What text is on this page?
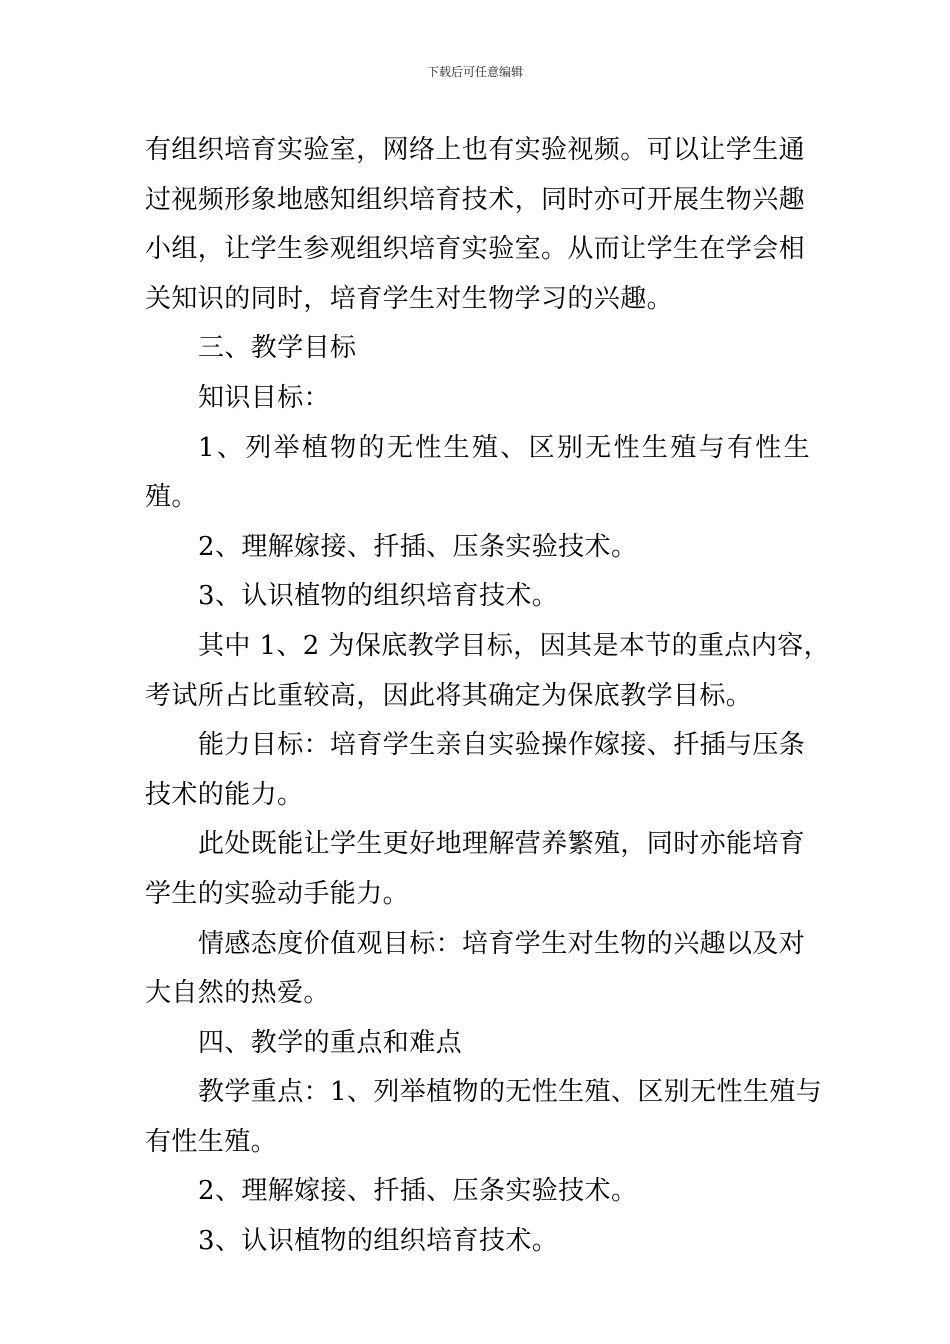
下载后可任意编辑

有组织培育实验室，网络上也有实验视频。可以让学生通
过视频形象地感知组织培育技术，同时亦可开展生物兴趣
小组，让学生参观组织培育实验室。从而让学生在学会相
关知识的同时，培育学生对生物学习的兴趣。

三、教学目标

知识目标：

1、列举植物的无性生殖、区别无性生殖与有性生殖。

2、理解嫁接、扦插、压条实验技术。

3、认识植物的组织培育技术。

其中 1、2 为保底教学目标，因其是本节的重点内容，
考试所占比重较高，因此将其确定为保底教学目标。

能力目标：培育学生亲自实验操作嫁接、扦插与压条
技术的能力。

此处既能让学生更好地理解营养繁殖，同时亦能培育
学生的实验动手能力。

情感态度价值观目标：培育学生对生物的兴趣以及对
大自然的热爱。

四、教学的重点和难点

教学重点：1、列举植物的无性生殖、区别无性生殖与
有性生殖。

2、理解嫁接、扦插、压条实验技术。

3、认识植物的组织培育技术。
